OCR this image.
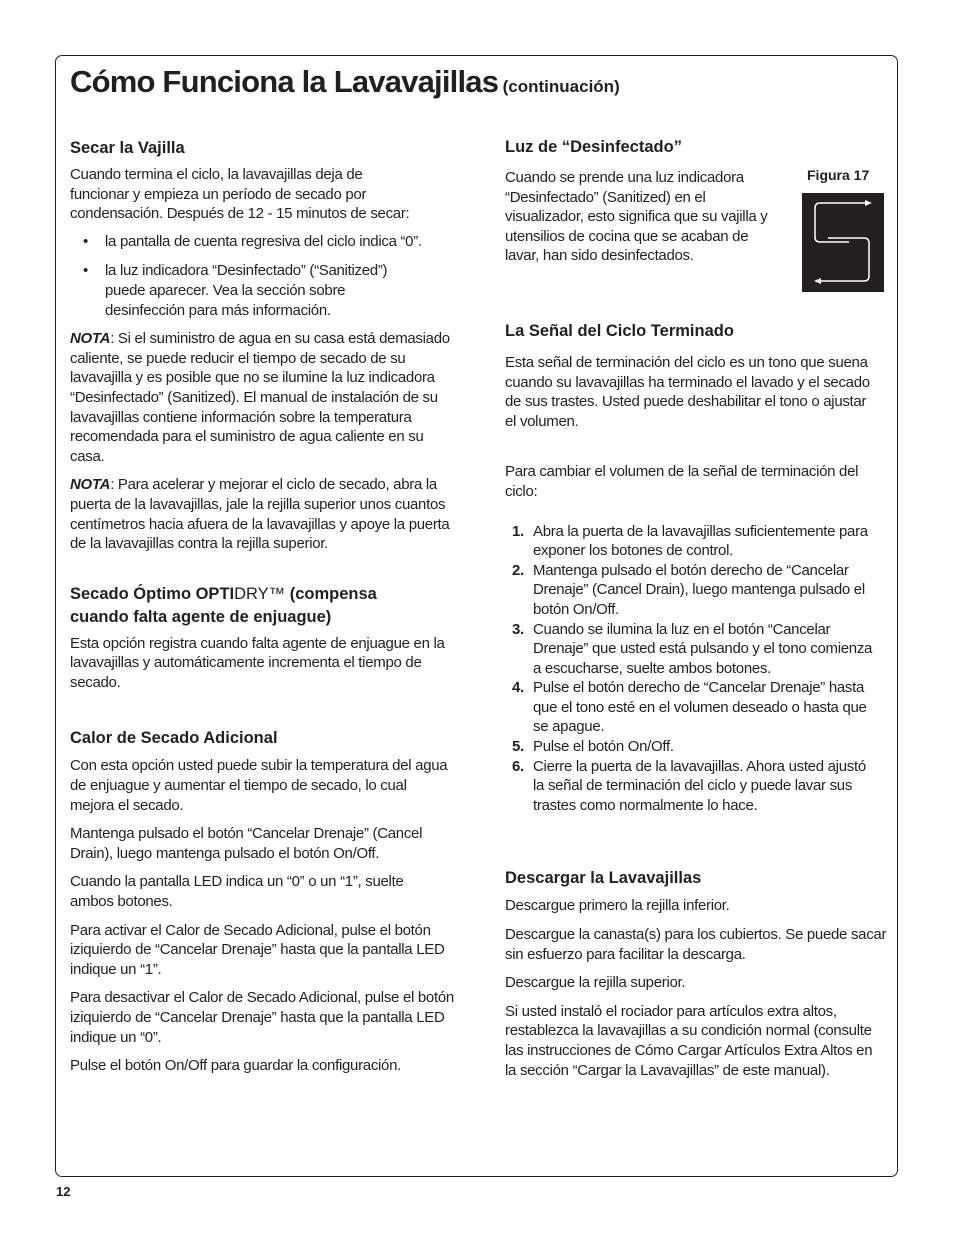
Cómo Funciona la Lavavajillas (continuación)
Secar la Vajilla
Cuando termina el ciclo, la lavavajillas deja de funcionar y empieza un período de secado por condensación. Después de 12 - 15 minutos de secar:
• la pantalla de cuenta regresiva del ciclo indica “0”.
• la luz indicadora “Desinfectado” (“Sanitized”) puede aparecer. Vea la sección sobre desinfección para más información.
NOTA: Si el suministro de agua en su casa está demasiado caliente, se puede reducir el tiempo de secado de su lavavajilla y es posible que no se ilumine la luz indicadora “Desinfectado” (Sanitized). El manual de instalación de su lavavajillas contiene información sobre la temperatura recomendada para el suministro de agua caliente en su casa.
NOTA: Para acelerar y mejorar el ciclo de secado, abra la puerta de la lavavajillas, jale la rejilla superior unos cuantos centímetros hacia afuera de la lavavajillas y apoye la puerta de la lavavajillas contra la rejilla superior.
Secado Óptimo OPTIDRY™ (compensa cuando falta agente de enjuague)
Esta opción registra cuando falta agente de enjuague en la lavavajillas y automáticamente incrementa el tiempo de secado.
Calor de Secado Adicional
Con esta opción usted puede subir la temperatura del agua de enjuague y aumentar el tiempo de secado, lo cual mejora el secado.
Mantenga pulsado el botón “Cancelar Drenaje” (Cancel Drain), luego mantenga pulsado el botón On/Off.
Cuando la pantalla LED indica un “0” o un “1”, suelte ambos botones.
Para activar el Calor de Secado Adicional, pulse el botón iziquierdo de “Cancelar Drenaje” hasta que la pantalla LED indique un “1”.
Para desactivar el Calor de Secado Adicional, pulse el botón iziquierdo de “Cancelar Drenaje” hasta que la pantalla LED indique un “0”.
Pulse el botón On/Off para guardar la configuración.
Luz de “Desinfectado”
Cuando se prende una luz indicadora “Desinfectado” (Sanitized) en el visualizador, esto significa que su vajilla y utensilios de cocina que se acaban de lavar, han sido desinfectados.
La Señal del Ciclo Terminado
Esta señal de terminación del ciclo es un tono que suena cuando su lavavajillas ha terminado el lavado y el secado de sus trastes. Usted puede deshabilitar el tono o ajustar el volumen.
Para cambiar el volumen de la señal de terminación del ciclo:
1. Abra la puerta de la lavavajillas suficientemente para exponer los botones de control.
2. Mantenga pulsado el botón derecho de “Cancelar Drenaje” (Cancel Drain), luego mantenga pulsado el botón On/Off.
3. Cuando se ilumina la luz en el botón “Cancelar Drenaje” que usted está pulsando y el tono comienza a escucharse, suelte ambos botones.
4. Pulse el botón derecho de “Cancelar Drenaje” hasta que el tono esté en el volumen deseado o hasta que se apague.
5. Pulse el botón On/Off.
6. Cierre la puerta de la lavavajillas. Ahora usted ajustó la señal de terminación del ciclo y puede lavar sus trastes como normalmente lo hace.
Descargar la Lavavajillas
Descargue primero la rejilla inferior.
Descargue la canasta(s) para los cubiertos. Se puede sacar sin esfuerzo para facilitar la descarga.
Descargue la rejilla superior.
Si usted instaló el rociador para artículos extra altos, restablezca la lavavajillas a su condición normal (consulte las instrucciones de Cómo Cargar Artículos Extra Altos en la sección “Cargar la Lavavajillas” de este manual).
Figura 17
12
